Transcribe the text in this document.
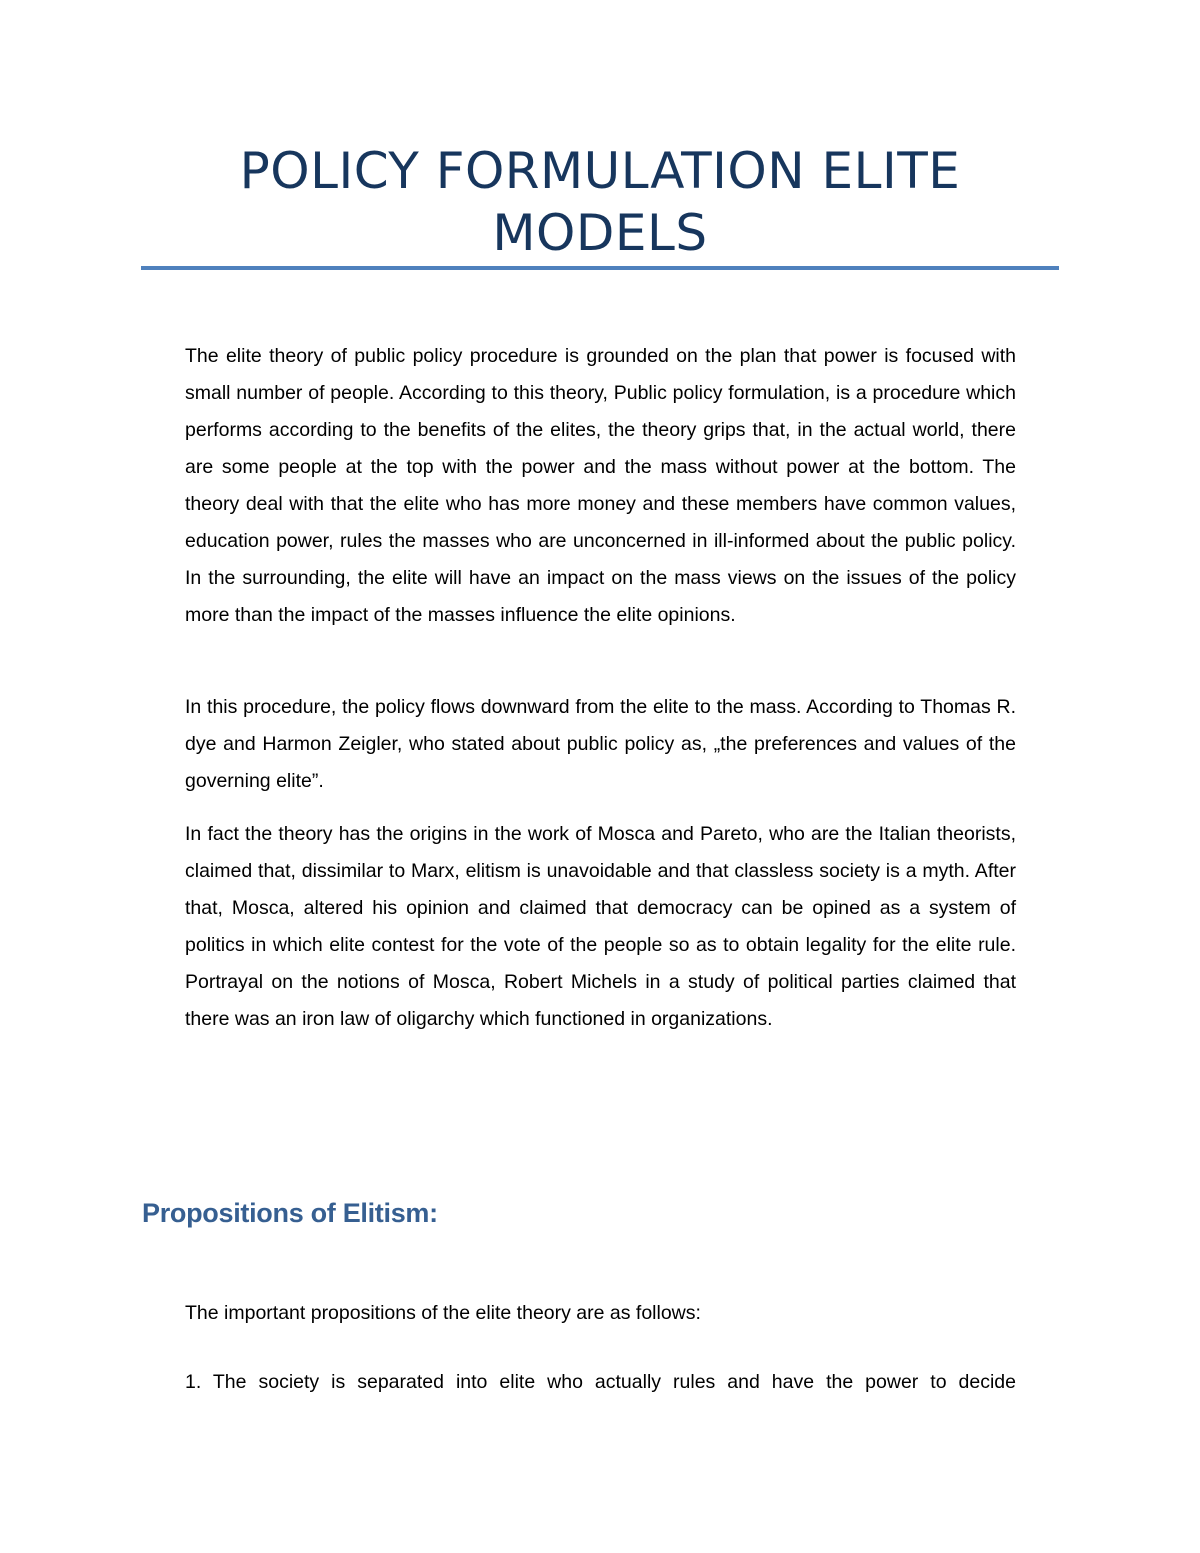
POLICY FORMULATION ELITE MODELS

The elite theory of public policy procedure is grounded on the plan that power is focused with small number of people. According to this theory, Public policy formulation, is a procedure which performs according to the benefits of the elites, the theory grips that, in the actual world, there are some people at the top with the power and the mass without power at the bottom. The theory deal with that the elite who has more money and these members have common values, education power, rules the masses who are unconcerned in ill-informed about the public policy. In the surrounding, the elite will have an impact on the mass views on the issues of the policy more than the impact of the masses influence the elite opinions.

In this procedure, the policy flows downward from the elite to the mass. According to Thomas R. dye and Harmon Zeigler, who stated about public policy as, „the preferences and values of the governing elite”.

In fact the theory has the origins in the work of Mosca and Pareto, who are the Italian theorists, claimed that, dissimilar to Marx, elitism is unavoidable and that classless society is a myth. After that, Mosca, altered his opinion and claimed that democracy can be opined as a system of politics in which elite contest for the vote of the people so as to obtain legality for the elite rule. Portrayal on the notions of Mosca, Robert Michels in a study of political parties claimed that there was an iron law of oligarchy which functioned in organizations.

Propositions of Elitism:

The important propositions of the elite theory are as follows:

1. The society is separated into elite who actually rules and have the power to decide
